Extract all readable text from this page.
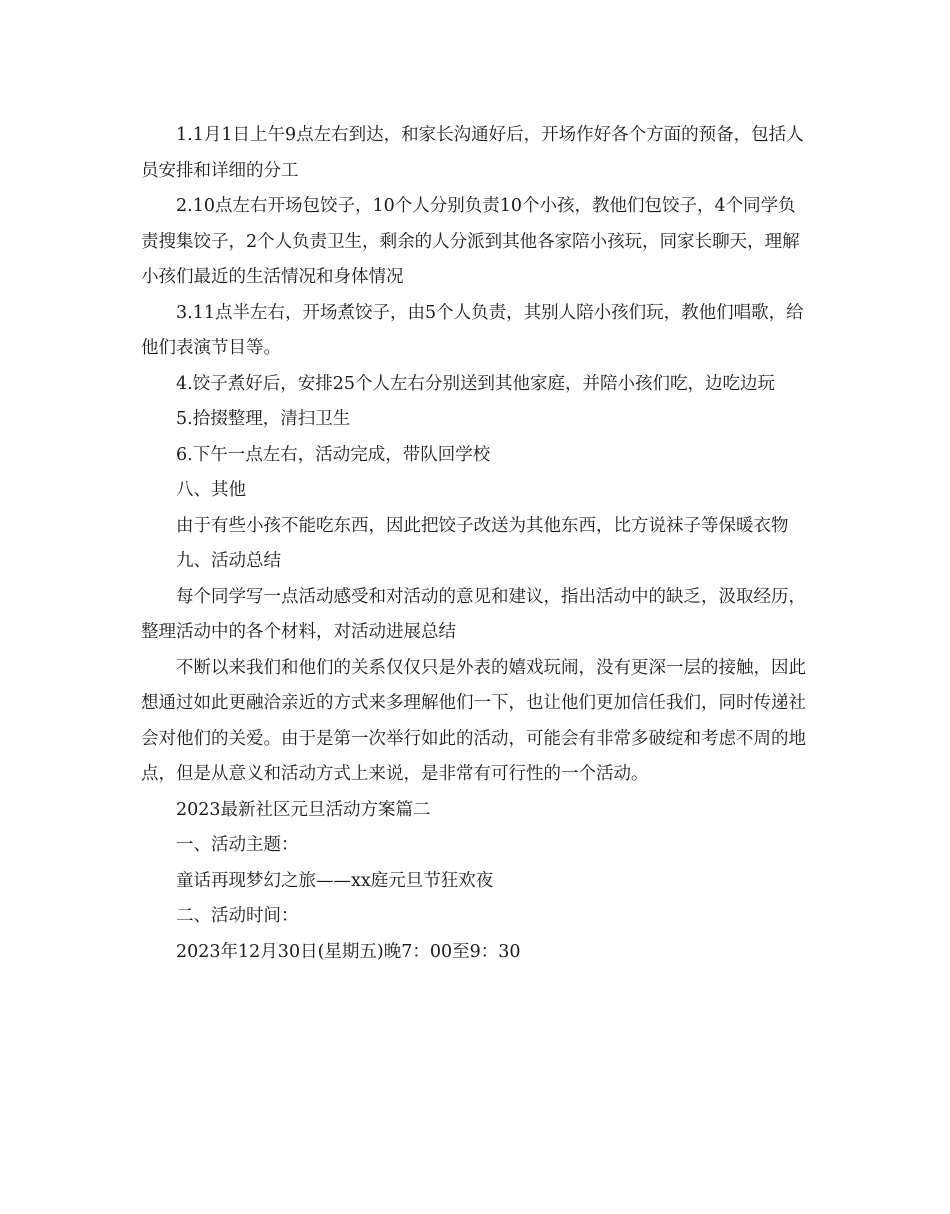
1.1月1日上午9点左右到达，和家长沟通好后，开场作好各个方面的预备，包括人员安排和详细的分工

2.10点左右开场包饺子，10个人分别负责10个小孩，教他们包饺子，4个同学负责搜集饺子，2个人负责卫生，剩余的人分派到其他各家陪小孩玩，同家长聊天，理解小孩们最近的生活情况和身体情况

3.11点半左右，开场煮饺子，由5个人负责，其别人陪小孩们玩，教他们唱歌，给他们表演节目等。

4.饺子煮好后，安排25个人左右分别送到其他家庭，并陪小孩们吃，边吃边玩

5.拾掇整理，清扫卫生

6.下午一点左右，活动完成，带队回学校

八、其他

由于有些小孩不能吃东西，因此把饺子改送为其他东西，比方说袜子等保暖衣物

九、活动总结

每个同学写一点活动感受和对活动的意见和建议，指出活动中的缺乏，汲取经历，整理活动中的各个材料，对活动进展总结

不断以来我们和他们的关系仅仅只是外表的嬉戏玩闹，没有更深一层的接触，因此想通过如此更融洽亲近的方式来多理解他们一下，也让他们更加信任我们，同时传递社会对他们的关爱。由于是第一次举行如此的活动，可能会有非常多破绽和考虑不周的地点，但是从意义和活动方式上来说，是非常有可行性的一个活动。

2023最新社区元旦活动方案篇二

一、活动主题：

童话再现梦幻之旅——xx庭元旦节狂欢夜

二、活动时间：

2023年12月30日(星期五)晚7：00至9：30
